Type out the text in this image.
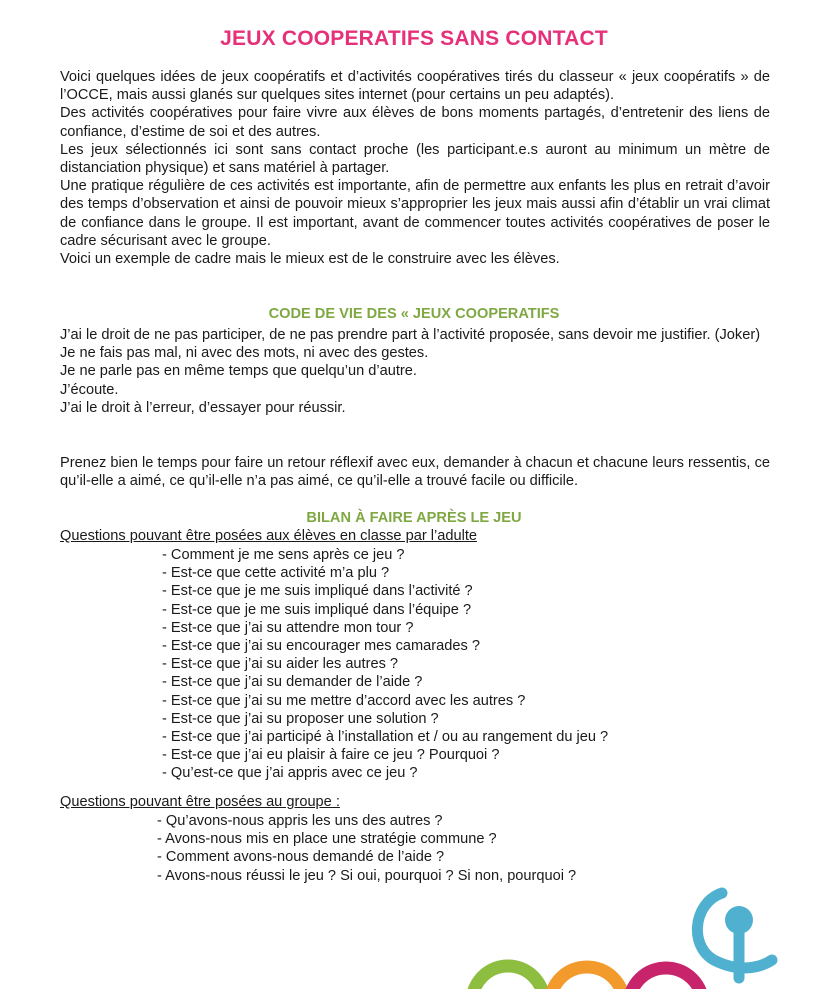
JEUX COOPERATIFS SANS CONTACT

Voici quelques idées de jeux coopératifs et d’activités coopératives tirés du classeur « jeux coopératifs » de l’OCCE, mais aussi glanés sur quelques sites internet (pour certains un peu adaptés).

Des activités coopératives pour faire vivre aux élèves de bons moments partagés, d’entretenir des liens de confiance, d’estime de soi et des autres.

Les jeux sélectionnés ici sont sans contact proche (les participant.e.s auront au minimum un mètre de distanciation physique) et sans matériel à partager.

Une pratique régulière de ces activités est importante, afin de permettre aux enfants les plus en retrait d’avoir des temps d’observation et ainsi de pouvoir mieux s’approprier les jeux mais aussi afin d’établir un vrai climat de confiance dans le groupe. Il est important, avant de commencer toutes activités coopératives de poser le cadre sécurisant avec le groupe.

Voici un exemple de cadre mais le mieux est de le construire avec les élèves.

CODE DE VIE DES « JEUX COOPERATIFS

J’ai le droit de ne pas participer, de ne pas prendre part à l’activité proposée, sans devoir me justifier. (Joker)

Je ne fais pas mal, ni avec des mots, ni avec des gestes.

Je ne parle pas en même temps que quelqu’un d’autre.

J’écoute.

J’ai le droit à l’erreur, d’essayer pour réussir.

Prenez bien le temps pour faire un retour réflexif avec eux, demander à chacun et chacune leurs ressentis, ce qu’il-elle a aimé, ce qu’il-elle n’a pas aimé, ce qu’il-elle a trouvé facile ou difficile.
BILAN À FAIRE APRÈS LE JEU
Questions pouvant être posées aux élèves en classe par l’adulte
- Comment je me sens après ce jeu ?
- Est-ce que cette activité m’a plu ?
- Est-ce que je me suis impliqué dans l’activité ?
- Est-ce que je me suis impliqué dans l’équipe ?
- Est-ce que j’ai su attendre mon tour ?
- Est-ce que j’ai su encourager mes camarades ?
- Est-ce que j’ai su aider les autres ?
- Est-ce que j’ai su demander de l’aide ?
- Est-ce que j’ai su me mettre d’accord avec les autres ?
- Est-ce que j’ai su proposer une solution ?
- Est-ce que j’ai participé à l’installation et / ou au rangement du jeu ?
- Est-ce que j’ai eu plaisir à faire ce jeu ? Pourquoi ?
- Qu’est-ce que j’ai appris avec ce jeu ?
Questions pouvant être posées au groupe :
- Qu’avons-nous appris les uns des autres ?
- Avons-nous mis en place une stratégie commune ?
- Comment avons-nous demandé de l’aide ?
- Avons-nous réussi le jeu ? Si oui, pourquoi ? Si non, pourquoi ?
